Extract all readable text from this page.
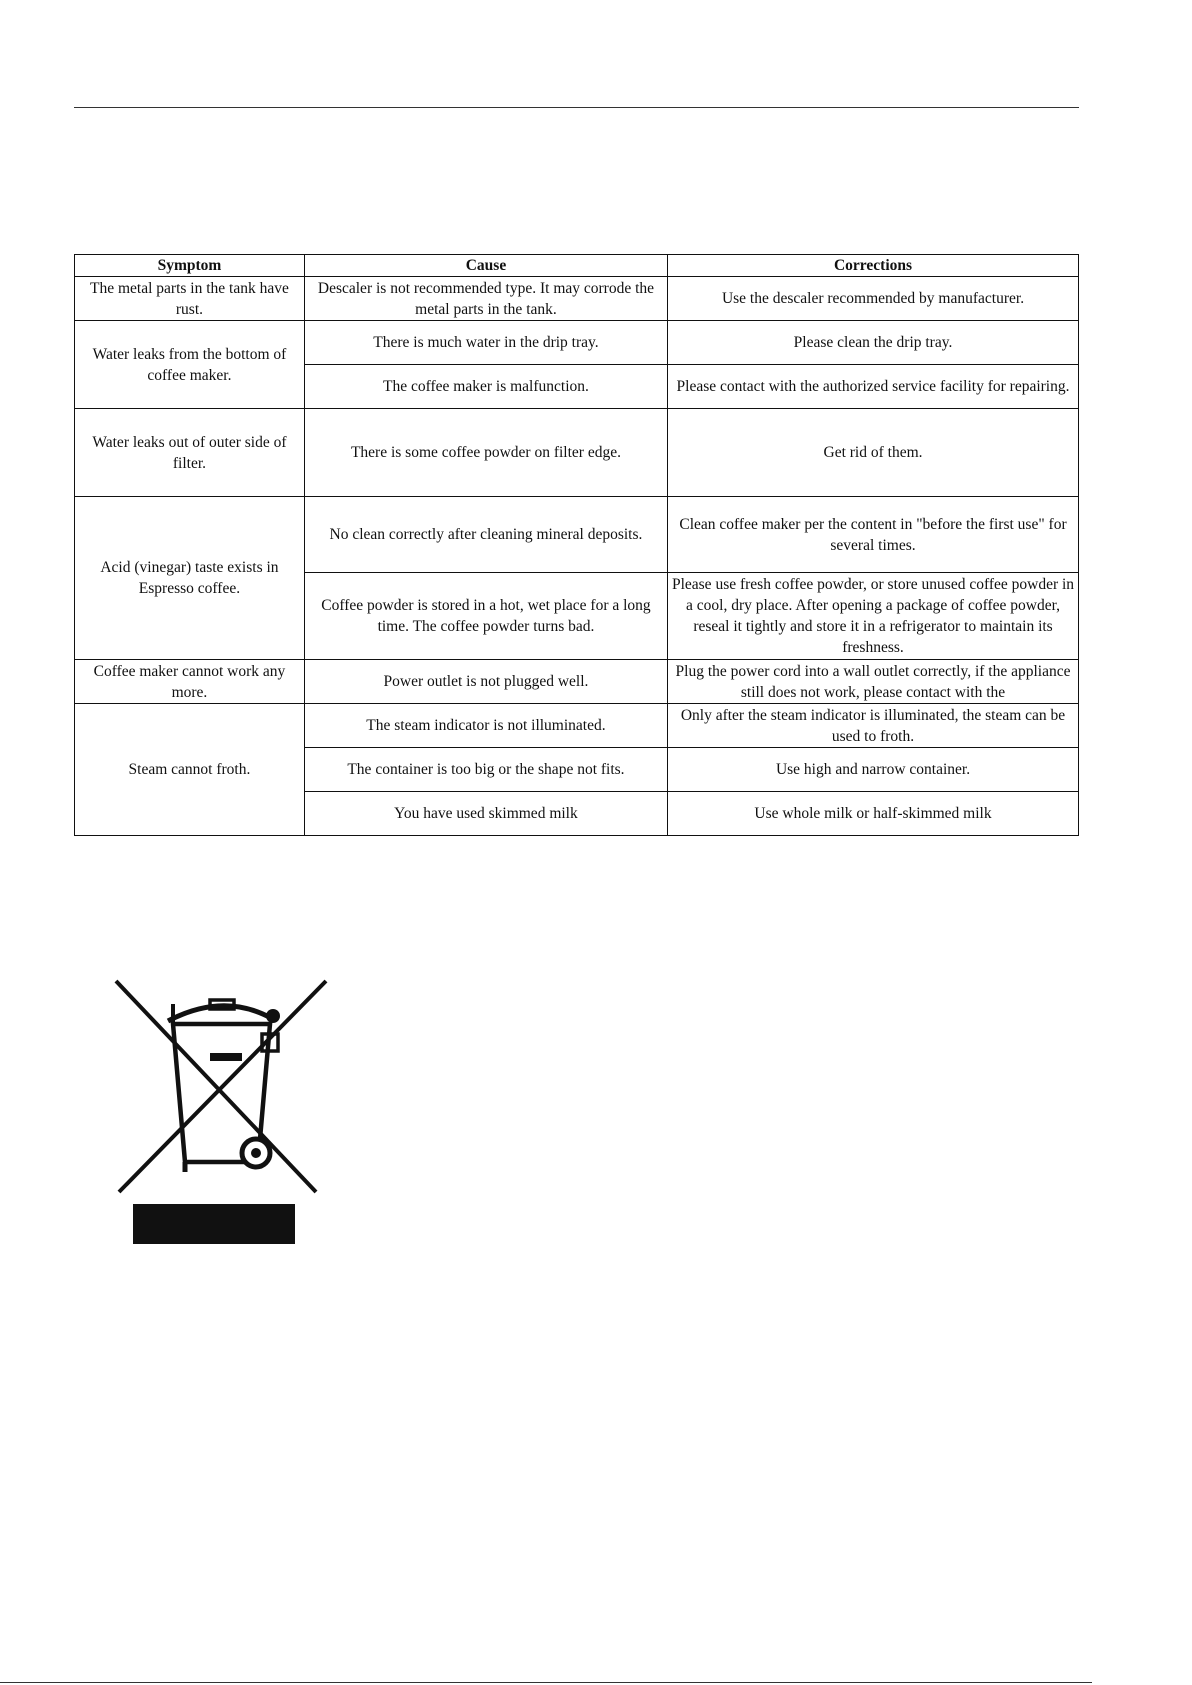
Symptom	Cause	Corrections
The metal parts in the tank have rust.	Descaler is not recommended type. It may corrode the metal parts in the tank.	Use the descaler recommended by manufacturer.
Water leaks from the bottom of coffee maker.	There is much water in the drip tray.	Please clean the drip tray.
	The coffee maker is malfunction.	Please contact with the authorized service facility for repairing.
Water leaks out of outer side of filter.	There is some coffee powder on filter edge.	Get rid of them.
Acid (vinegar) taste exists in Espresso coffee.	No clean correctly after cleaning mineral deposits.	Clean coffee maker per the content in "before the first use" for several times.
	Coffee powder is stored in a hot, wet place for a long time. The coffee powder turns bad.	Please use fresh coffee powder, or store unused coffee powder in a cool, dry place. After opening a package of coffee powder, reseal it tightly and store it in a refrigerator to maintain its freshness.
Coffee maker cannot work any more.	Power outlet is not plugged well.	Plug the power cord into a wall outlet correctly, if the appliance still does not work, please contact with the

Steam cannot froth.	The steam indicator is not illuminated.	Only after the steam indicator is illuminated, the steam can be used to froth.
	The container is too big or the shape not fits.	Use high and narrow container.
	You have used skimmed milk	Use whole milk or half-skimmed milk
